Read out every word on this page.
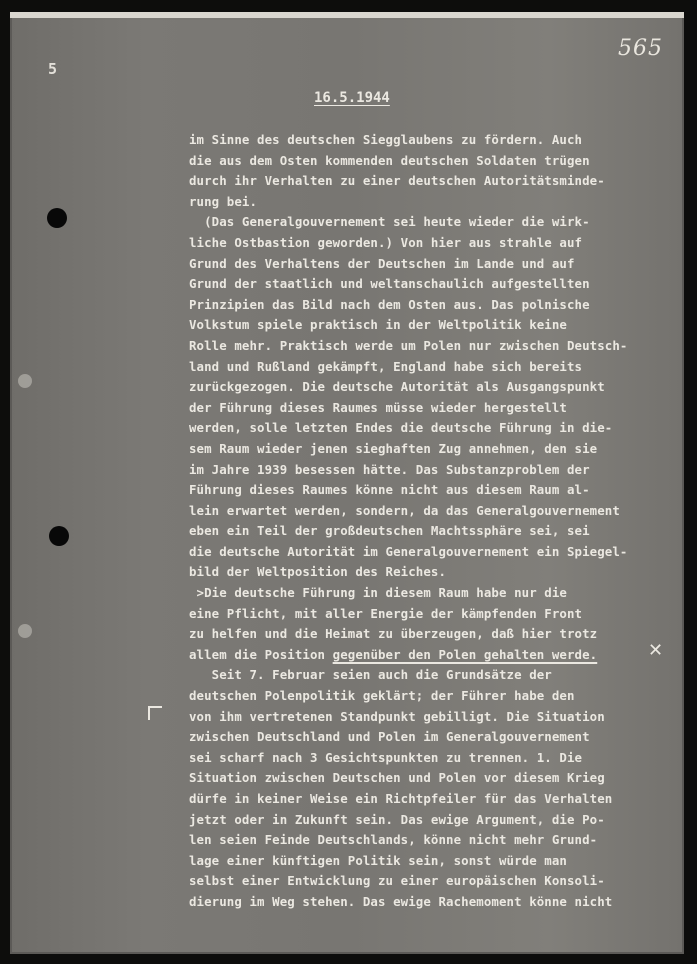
5
565
16.5.1944
im Sinne des deutschen Siegglaubens zu fördern. Auch
die aus dem Osten kommenden deutschen Soldaten trügen
durch ihr Verhalten zu einer deutschen Autoritätsminde-
rung bei.
(Das Generalgouvernement sei heute wieder die wirk-
liche Ostbastion geworden.) Von hier aus strahle auf
Grund des Verhaltens der Deutschen im Lande und auf
Grund der staatlich und weltanschaulich aufgestellten
Prinzipien das Bild nach dem Osten aus. Das polnische
Volkstum spiele praktisch in der Weltpolitik keine
Rolle mehr. Praktisch werde um Polen nur zwischen Deutsch-
land und Rußland gekämpft, England habe sich bereits
zurückgezogen. Die deutsche Autorität als Ausgangspunkt
der Führung dieses Raumes müsse wieder hergestellt
werden, solle letzten Endes die deutsche Führung in die-
sem Raum wieder jenen sieghaften Zug annehmen, den sie
im Jahre 1939 besessen hätte. Das Substanzproblem der
Führung dieses Raumes könne nicht aus diesem Raum al-
lein erwartet werden, sondern, da das Generalgouvernement
eben ein Teil der großdeutschen Machtssphäre sei, sei
die deutsche Autorität im Generalgouvernement ein Spiegel-
bild der Weltposition des Reiches.
>Die deutsche Führung in diesem Raum habe nur die
eine Pflicht, mit aller Energie der kämpfenden Front
zu helfen und die Heimat zu überzeugen, daß hier trotz
allem die Position gegenüber den Polen gehalten werde.
Seit 7. Februar seien auch die Grundsätze der
deutschen Polenpolitik geklärt; der Führer habe den
von ihm vertretenen Standpunkt gebilligt. Die Situation
zwischen Deutschland und Polen im Generalgouvernement
sei scharf nach 3 Gesichtspunkten zu trennen. 1. Die
Situation zwischen Deutschen und Polen vor diesem Krieg
dürfe in keiner Weise ein Richtpfeiler für das Verhalten
jetzt oder in Zukunft sein. Das ewige Argument, die Po-
len seien Feinde Deutschlands, könne nicht mehr Grund-
lage einer künftigen Politik sein, sonst würde man
selbst einer Entwicklung zu einer europäischen Konsoli-
dierung im Weg stehen. Das ewige Rachemoment könne nicht
✕
